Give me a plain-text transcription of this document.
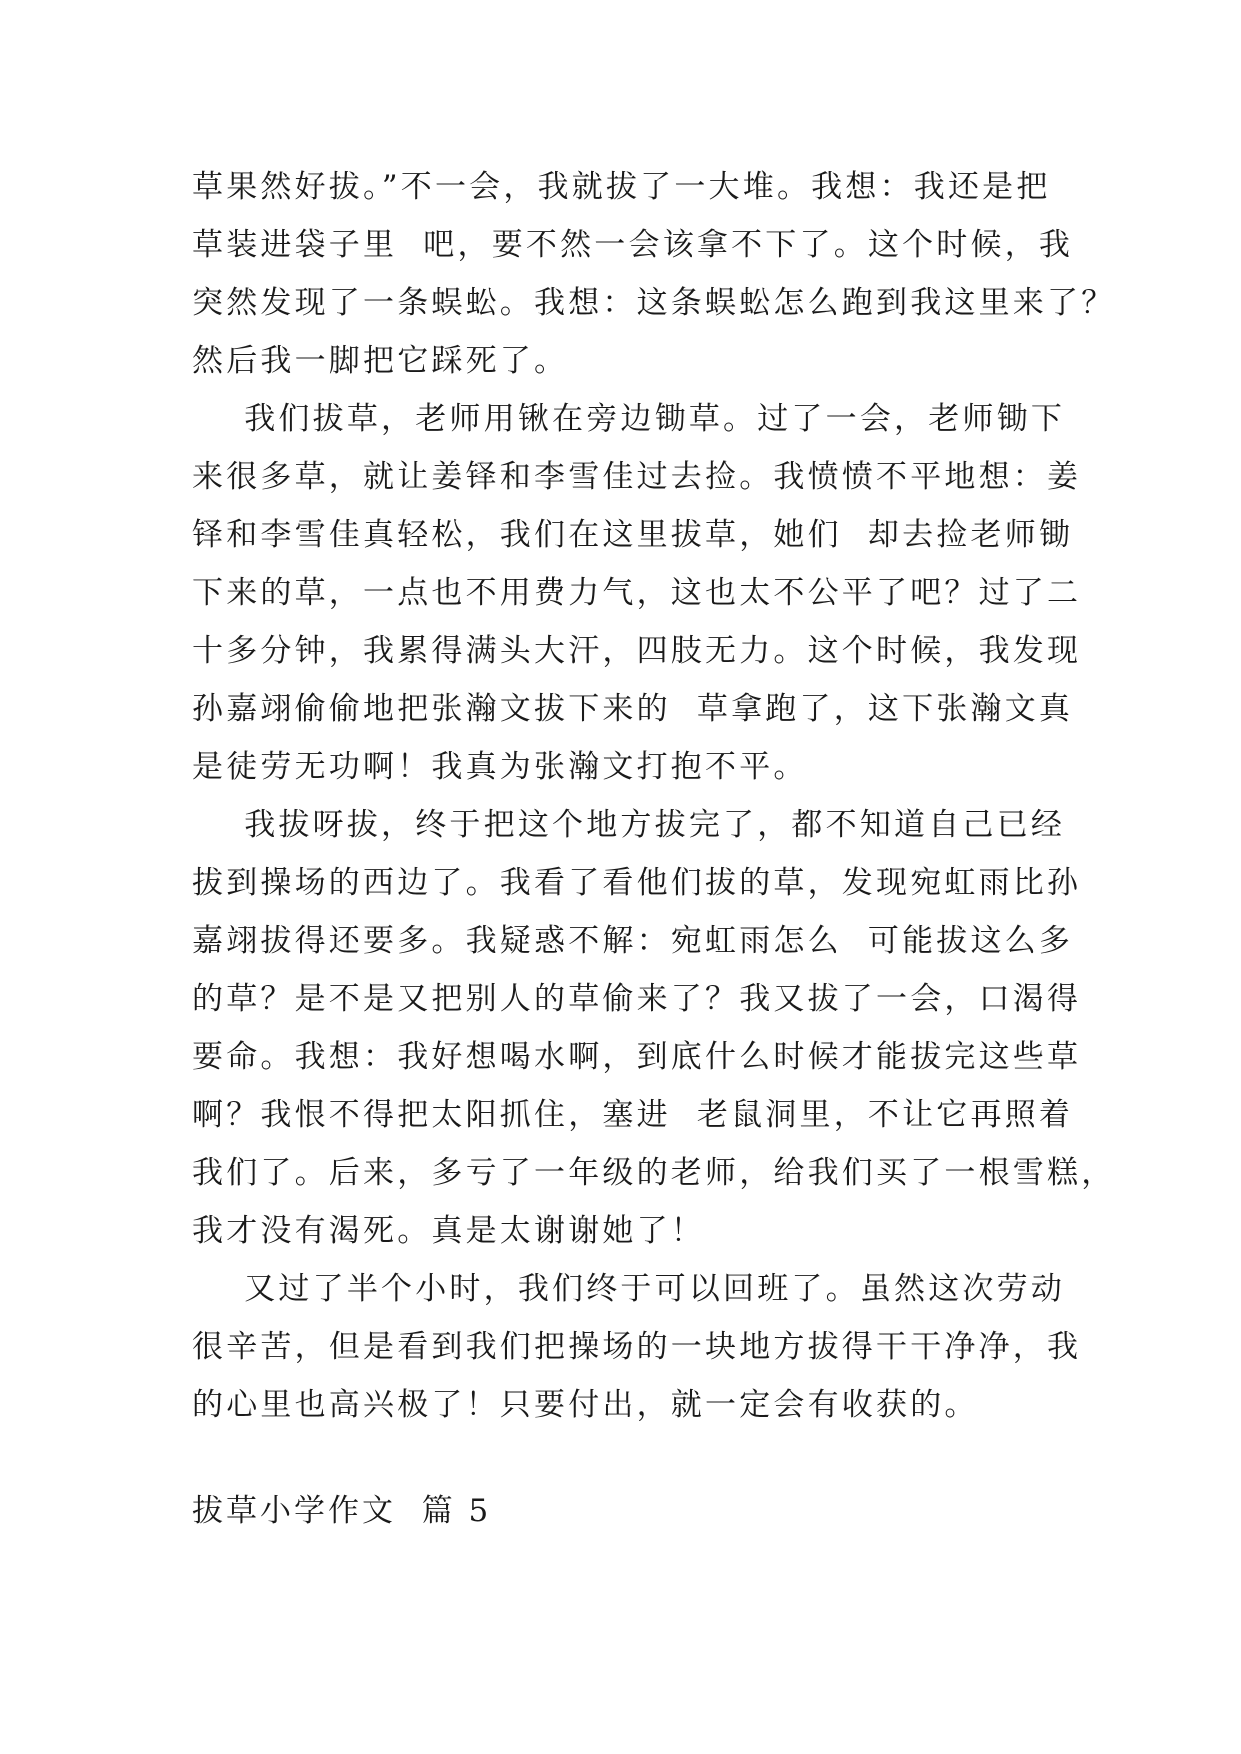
草果然好拔。”不一会，我就拔了一大堆。我想：我还是把
草装进袋子里  吧，要不然一会该拿不下了。这个时候，我
突然发现了一条蜈蚣。我想：这条蜈蚣怎么跑到我这里来了？
然后我一脚把它踩死了。
我们拔草，老师用锹在旁边锄草。过了一会，老师锄下
来很多草，就让姜铎和李雪佳过去捡。我愤愤不平地想：姜
铎和李雪佳真轻松，我们在这里拔草，她们  却去捡老师锄
下来的草，一点也不用费力气，这也太不公平了吧？过了二
十多分钟，我累得满头大汗，四肢无力。这个时候，我发现
孙嘉翊偷偷地把张瀚文拔下来的  草拿跑了，这下张瀚文真
是徒劳无功啊！我真为张瀚文打抱不平。
我拔呀拔，终于把这个地方拔完了，都不知道自己已经
拔到操场的西边了。我看了看他们拔的草，发现宛虹雨比孙
嘉翊拔得还要多。我疑惑不解：宛虹雨怎么  可能拔这么多
的草？是不是又把别人的草偷来了？我又拔了一会，口渴得
要命。我想：我好想喝水啊，到底什么时候才能拔完这些草
啊？我恨不得把太阳抓住，塞进  老鼠洞里，不让它再照着
我们了。后来，多亏了一年级的老师，给我们买了一根雪糕，
我才没有渴死。真是太谢谢她了！
又过了半个小时，我们终于可以回班了。虽然这次劳动
很辛苦，但是看到我们把操场的一块地方拔得干干净净，我
的心里也高兴极了！只要付出，就一定会有收获的。
拔草小学作文  篇 5
